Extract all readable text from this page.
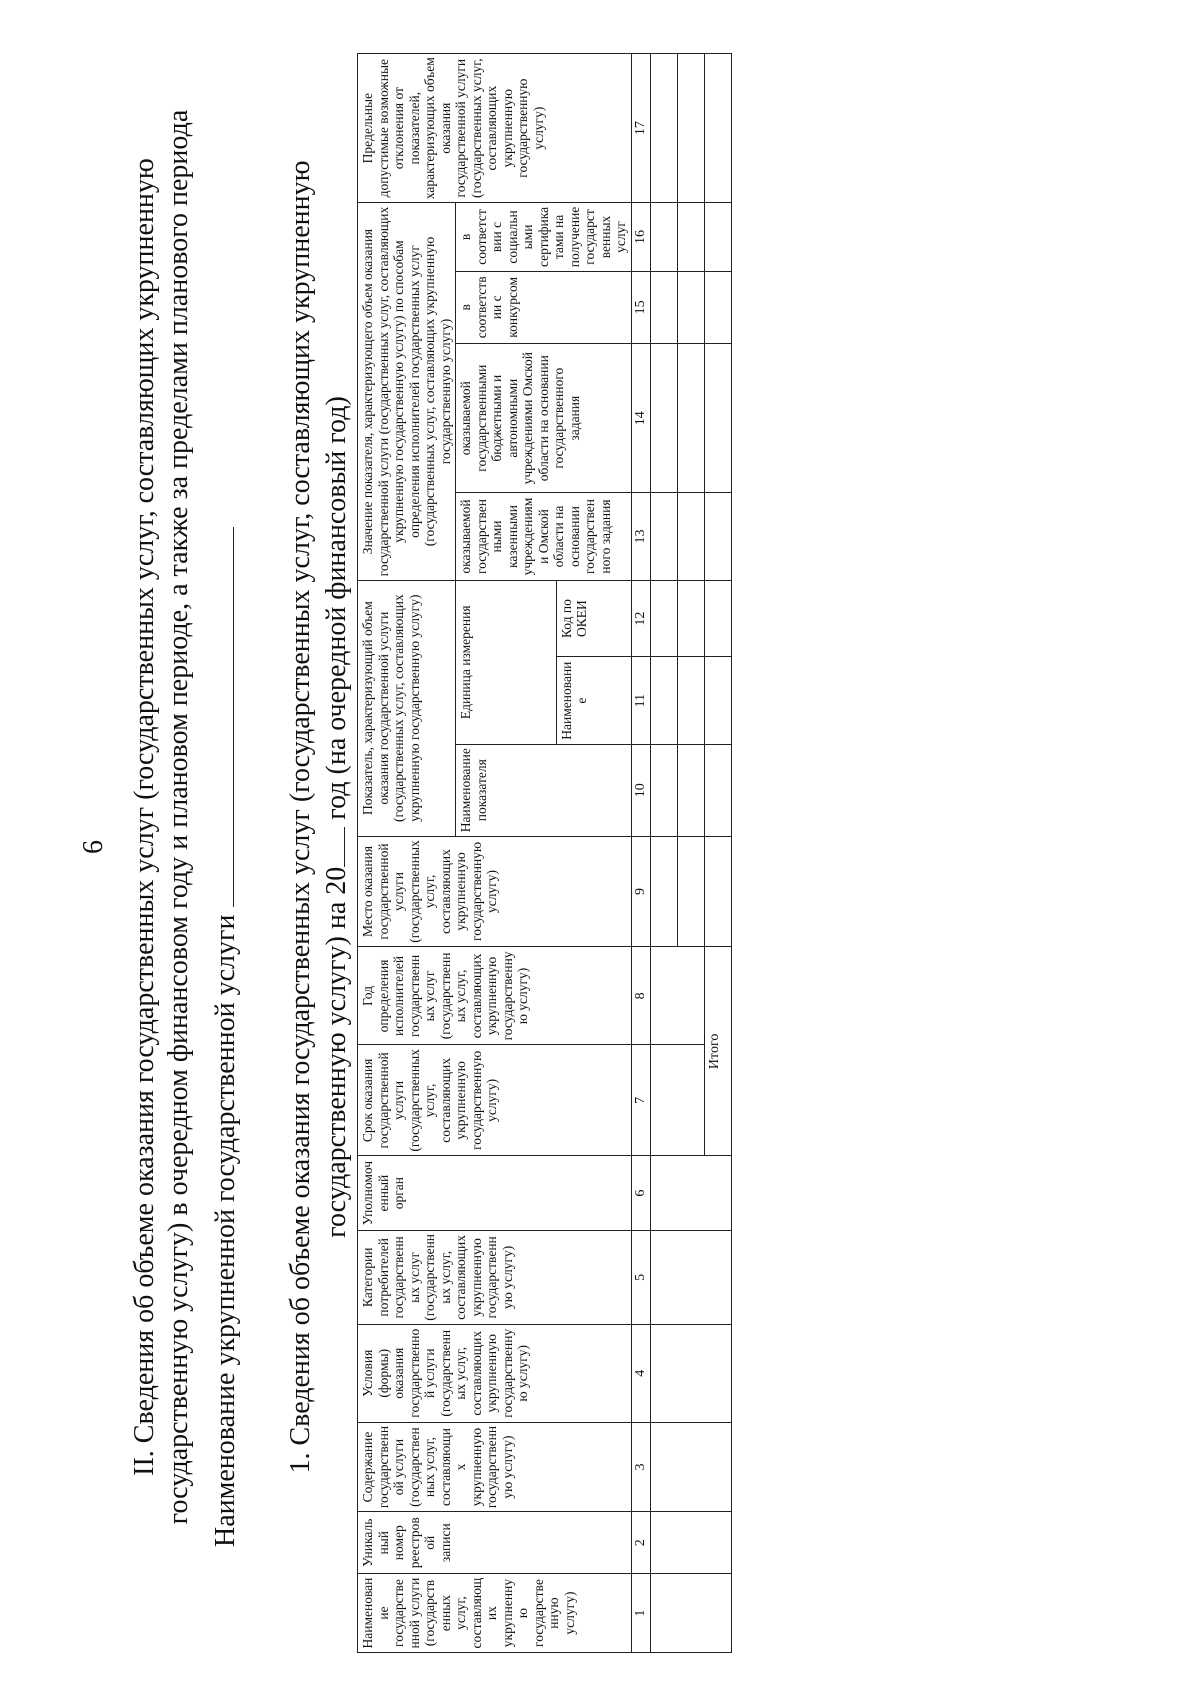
6 II. Сведения об объеме оказания государственных услуг (государственных услуг, составляющих укрупненную государственную услугу) в очередном финансовом году и плановом периоде, а также за пределами планового периода Наименование укрупненной государственной услуги 1. Сведения об объеме оказания государственных услуг (государственных услуг, составляющих укрупненную государственную услугу) на 20 год (на очередной финансовый год)
Наименование государственной услуги (государственных услуг, составляющих укрупненную государственную услугу)	Уникальный номер реестровой записи	Содержание государственной услуги (государственных услуг, составляющих укрупненную государственную услугу)	Условия (формы) оказания государственной услуги (государственных услуг, составляющих укрупненную государственную услугу)	Категории потребителей государственных услуг (государственных услуг, составляющих укрупненную государственную услугу)	Уполномоченный орган	Срок оказания государственной услуги (государственных услуг, составляющих укрупненную государственную услугу)	Год определения исполнителей государственных услуг (государственных услуг, составляющих укрупненную государственную услугу)	Место оказания государственной услуги (государственных услуг, составляющих укрупненную государственную услугу)	Показатель, характеризующий объем оказания государственной услуги (государственных услуг, составляющих укрупненную государственную услугу)			Значение показателя, характеризующего объем оказания государственной услуги (государственных услуг, составляющих укрупненную государственную услугу) по способам определения исполнителей государственных услуг (государственных услуг, составляющих укрупненную государственную услугу)				Предельные допустимые возможные отклонения от показателей, характеризующих объем оказания государственной услуги (государственных услуг, составляющих укрупненную государственную услугу)
									Наименование показателя	Единица измерения		оказываемой государственными казенными учреждениями Омской области на основании государственного задания	оказываемой государственными бюджетными и автономными учреждениями Омской области на основании государственного задания	в соответствии с конкурсом	в соответствии с социальными сертификатами на получение государственных услуг	
										Наименование	Код по ОКЕИ					
1	2	3	4	5	6	7	8	9	10	11	12	13	14	15	16	17

						Итого										
